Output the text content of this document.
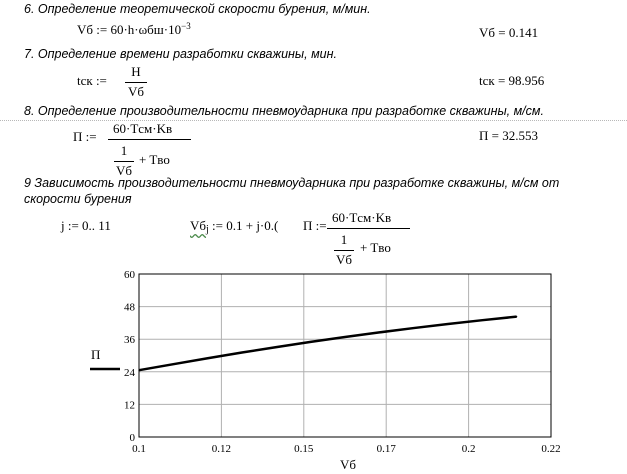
6. Определение теоретической скорости бурения, м/мин.
Vб := $60\cdot h\cdot\omega бш\cdot 10^{-3}$	Vб = 0.141
7. Определение времени разработки скважины, мин.
tск :=
H
Vб
tск = 98.956
8. Определение производительности пневмоударника при разработке скважины, м/см.
П :=
60·Tсм·Kв
1
Vб
+ Tво
П = 32.553
9 Зависимость производительности пневмоударника при разработке скважины, м/см от
скорости бурения
j := 0.. 11	$Vб_j$ := 0.1 + j·0.( П :=
60·Tсм·Kв
1
Vб
+ Tво
0.1	0.12	0.15	0.17	0.2	0.22
0
12
24
36
48
60
П
Vб
